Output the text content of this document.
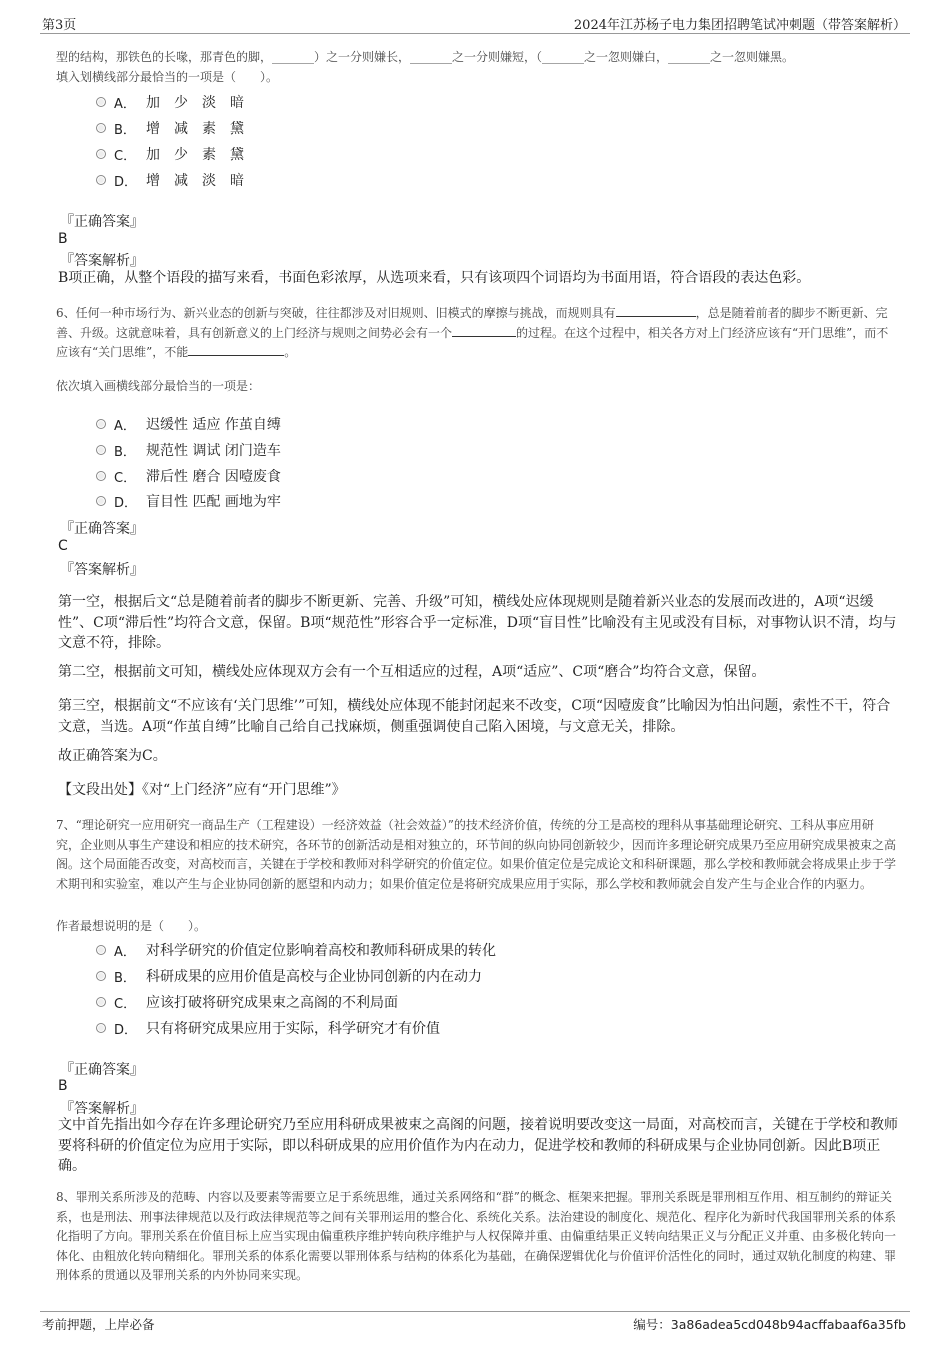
第3页	2024年江苏杨子电力集团招聘笔试冲刺题（带答案解析）

型的结构，那铁色的长喙，那青色的脚，_______）之一分则嫌长，_______之一分则嫌短，（_______之一忽则嫌白，_______之一忽则嫌黑。

填入划横线部分最恰当的一项是（　　）。

A． 加　少　淡　暗
B． 增　减　素　黛
C． 加　少　素　黛
D． 增　减　淡　暗
『正确答案』
B
『答案解析』

B项正确，从整个语段的描写来看，书面色彩浓厚，从选项来看，只有该项四个词语均为书面用语，符合语段的表达色彩。

6、任何一种市场行为、新兴业态的创新与突破，往往都涉及对旧规则、旧模式的摩擦与挑战，而规则具有	，总是随着前者的脚步不断更新、完善、升级。这就意味着，具有创新意义的上门经济与规则之间势必会有一个	的过程。在这个过程中，相关各方对上门经济应该有“开门思维”，而不应该有“关门思维”，不能	。

依次填入画横线部分最恰当的一项是：

A． 迟缓性 适应 作茧自缚
B． 规范性 调试 闭门造车
C． 滞后性 磨合 因噎废食
D． 盲目性 匹配 画地为牢
『正确答案』
C
『答案解析』

第一空，根据后文“总是随着前者的脚步不断更新、完善、升级”可知，横线处应体现规则是随着新兴业态的发展而改进的，A项“迟缓性”、C项“滞后性”均符合文意，保留。B项“规范性”形容合乎一定标准，D项“盲目性”比喻没有主见或没有目标，对事物认识不清，均与文意不符，排除。

第二空，根据前文可知，横线处应体现双方会有一个互相适应的过程，A项“适应”、C项“磨合”均符合文意，保留。

第三空，根据前文“不应该有‘关门思维’”可知，横线处应体现不能封闭起来不改变，C项“因噎废食”比喻因为怕出问题，索性不干，符合文意，当选。A项“作茧自缚”比喻自己给自己找麻烦，侧重强调使自己陷入困境，与文意无关，排除。

故正确答案为C。

【文段出处】《对“上门经济”应有“开门思维”》

7、“理论研究一应用研究一商品生产（工程建设）一经济效益（社会效益）”的技术经济价值，传统的分工是高校的理科从事基础理论研究、工科从事应用研究，企业则从事生产建设和相应的技术研究，各环节的创新活动是相对独立的，环节间的纵向协同创新较少，因而许多理论研究成果乃至应用研究成果被束之高阁。这个局面能否改变，对高校而言，关键在于学校和教师对科学研究的价值定位。如果价值定位是完成论文和科研课题，那么学校和教师就会将成果止步于学术期刊和实验室，难以产生与企业协同创新的愿望和内动力；如果价值定位是将研究成果应用于实际，那么学校和教师就会自发产生与企业合作的内驱力。

作者最想说明的是（　　）。

A． 对科学研究的价值定位影响着高校和教师科研成果的转化
B． 科研成果的应用价值是高校与企业协同创新的内在动力
C． 应该打破将研究成果束之高阁的不利局面
D． 只有将研究成果应用于实际，科学研究才有价值
『正确答案』
B
『答案解析』

文中首先指出如今存在许多理论研究乃至应用科研成果被束之高阁的问题，接着说明要改变这一局面，对高校而言，关键在于学校和教师要将科研的价值定位为应用于实际，即以科研成果的应用价值作为内在动力，促进学校和教师的科研成果与企业协同创新。因此B项正确。

8、罪刑关系所涉及的范畴、内容以及要素等需要立足于系统思维，通过关系网络和“群”的概念、框架来把握。罪刑关系既是罪刑相互作用、相互制约的辩证关系，也是刑法、刑事法律规范以及行政法律规范等之间有关罪刑运用的整合化、系统化关系。法治建设的制度化、规范化、程序化为新时代我国罪刑关系的体系化指明了方向。罪刑关系在价值目标上应当实现由偏重秩序维护转向秩序维护与人权保障并重、由偏重结果正义转向结果正义与分配正义并重、由多极化转向一体化、由粗放化转向精细化。罪刑关系的体系化需要以罪刑体系与结构的体系化为基础，在确保逻辑优化与价值评价活性化的同时，通过双轨化制度的构建、罪刑体系的贯通以及罪刑关系的内外协同来实现。

考前押题，上岸必备	编号：3a86adea5cd048b94acffabaaf6a35fb
